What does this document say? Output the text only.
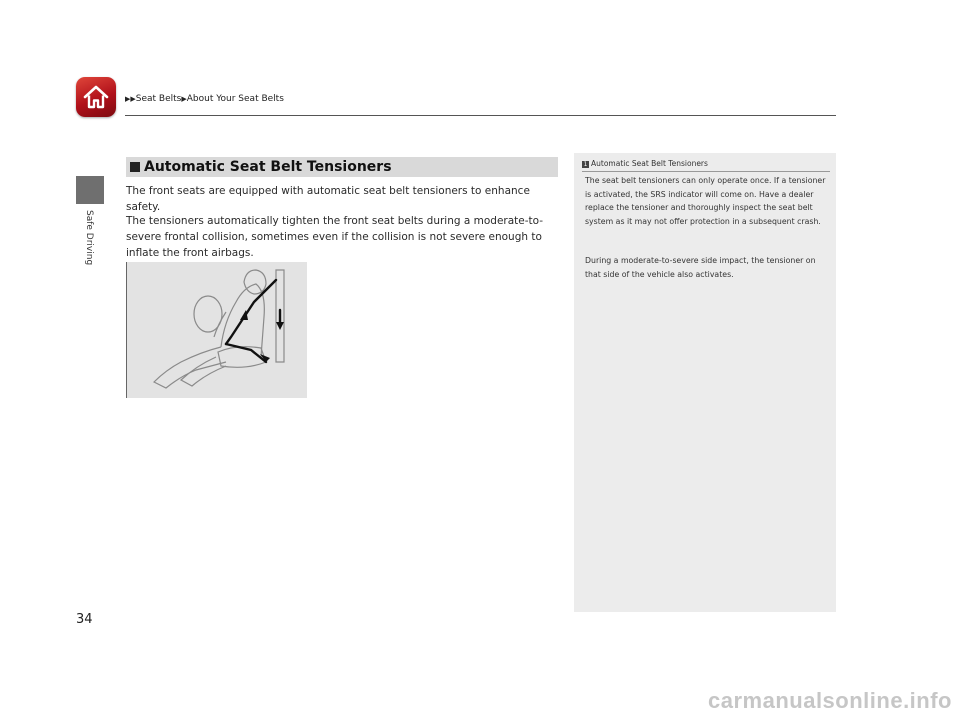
▶▶Seat Belts▶About Your Seat Belts
Safe Driving
34
Automatic Seat Belt Tensioners
The front seats are equipped with automatic seat belt tensioners to enhance safety.
The tensioners automatically tighten the front seat belts during a moderate-to-severe frontal collision, sometimes even if the collision is not severe enough to inflate the front airbags.
1 Automatic Seat Belt Tensioners
The seat belt tensioners can only operate once. If a tensioner is activated, the SRS indicator will come on. Have a dealer replace the tensioner and thoroughly inspect the seat belt system as it may not offer protection in a subsequent crash.
During a moderate-to-severe side impact, the tensioner on that side of the vehicle also activates.
carmanualsonline.info
